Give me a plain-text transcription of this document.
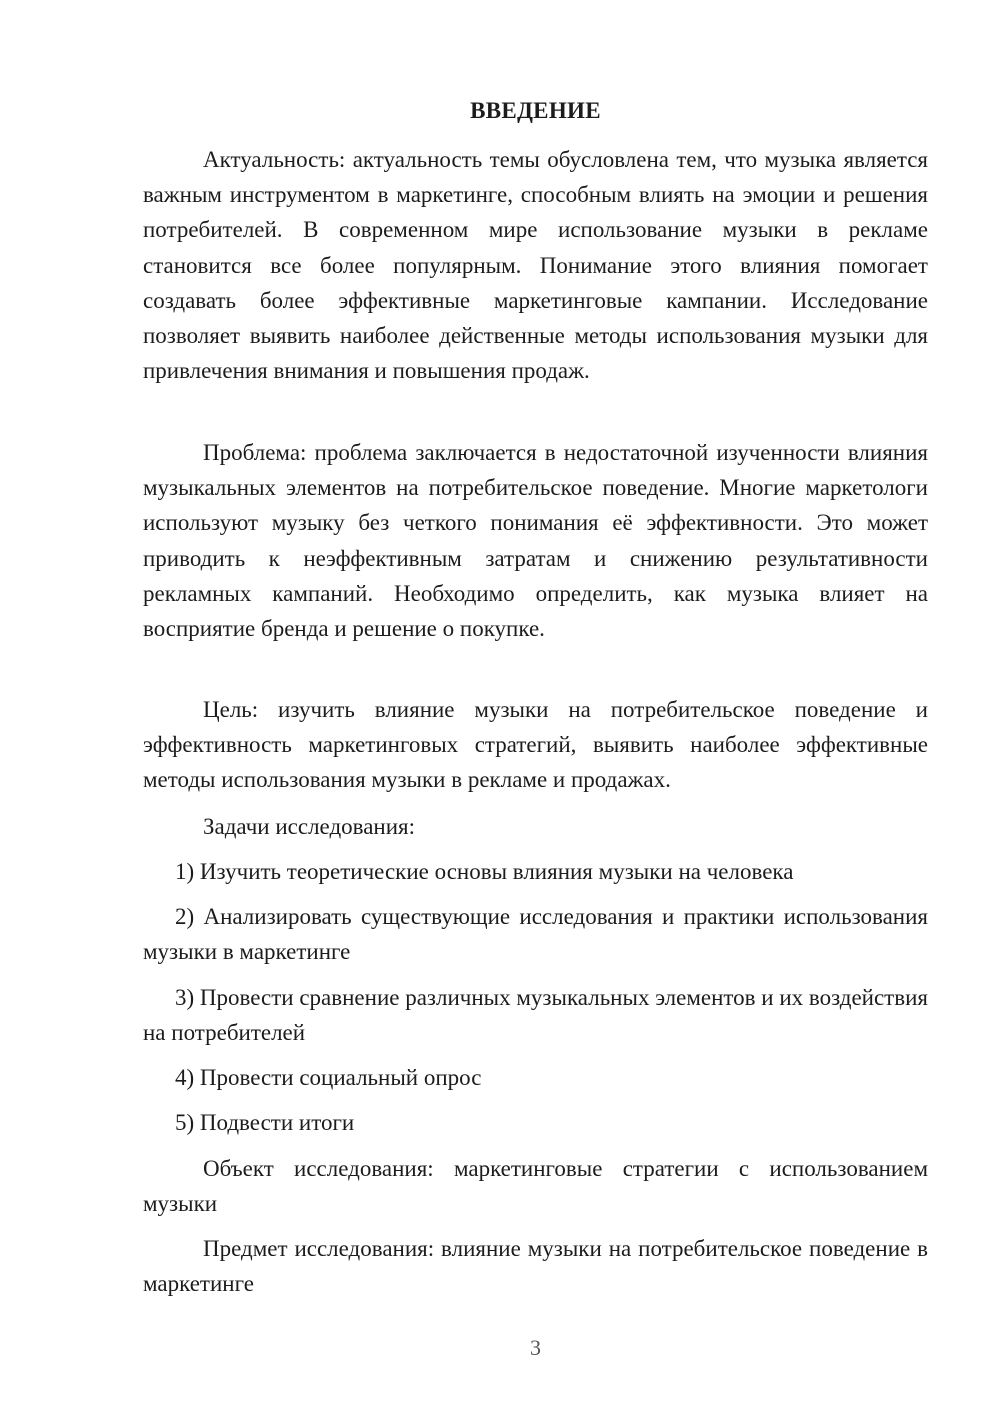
ВВЕДЕНИЕ

Актуальность: актуальность темы обусловлена тем, что музыка является важным инструментом в маркетинге, способным влиять на эмоции и решения потребителей. В современном мире использование музыки в рекламе становится все более популярным. Понимание этого влияния помогает создавать более эффективные маркетинговые кампании. Исследование позволяет выявить наиболее действенные методы использования музыки для привлечения внимания и повышения продаж.

Проблема: проблема заключается в недостаточной изученности влияния музыкальных элементов на потребительское поведение. Многие маркетологи используют музыку без четкого понимания её эффективности. Это может приводить к неэффективным затратам и снижению результативности рекламных кампаний. Необходимо определить, как музыка влияет на восприятие бренда и решение о покупке.

Цель: изучить влияние музыки на потребительское поведение и эффективность маркетинговых стратегий, выявить наиболее эффективные методы использования музыки в рекламе и продажах.

Задачи исследования:

1) Изучить теоретические основы влияния музыки на человека

2) Анализировать существующие исследования и практики использования музыки в маркетинге

3) Провести сравнение различных музыкальных элементов и их воздействия на потребителей

4) Провести социальный опрос

5) Подвести итоги

Объект исследования: маркетинговые стратегии с использованием музыки

Предмет исследования: влияние музыки на потребительское поведение в маркетинге

3
